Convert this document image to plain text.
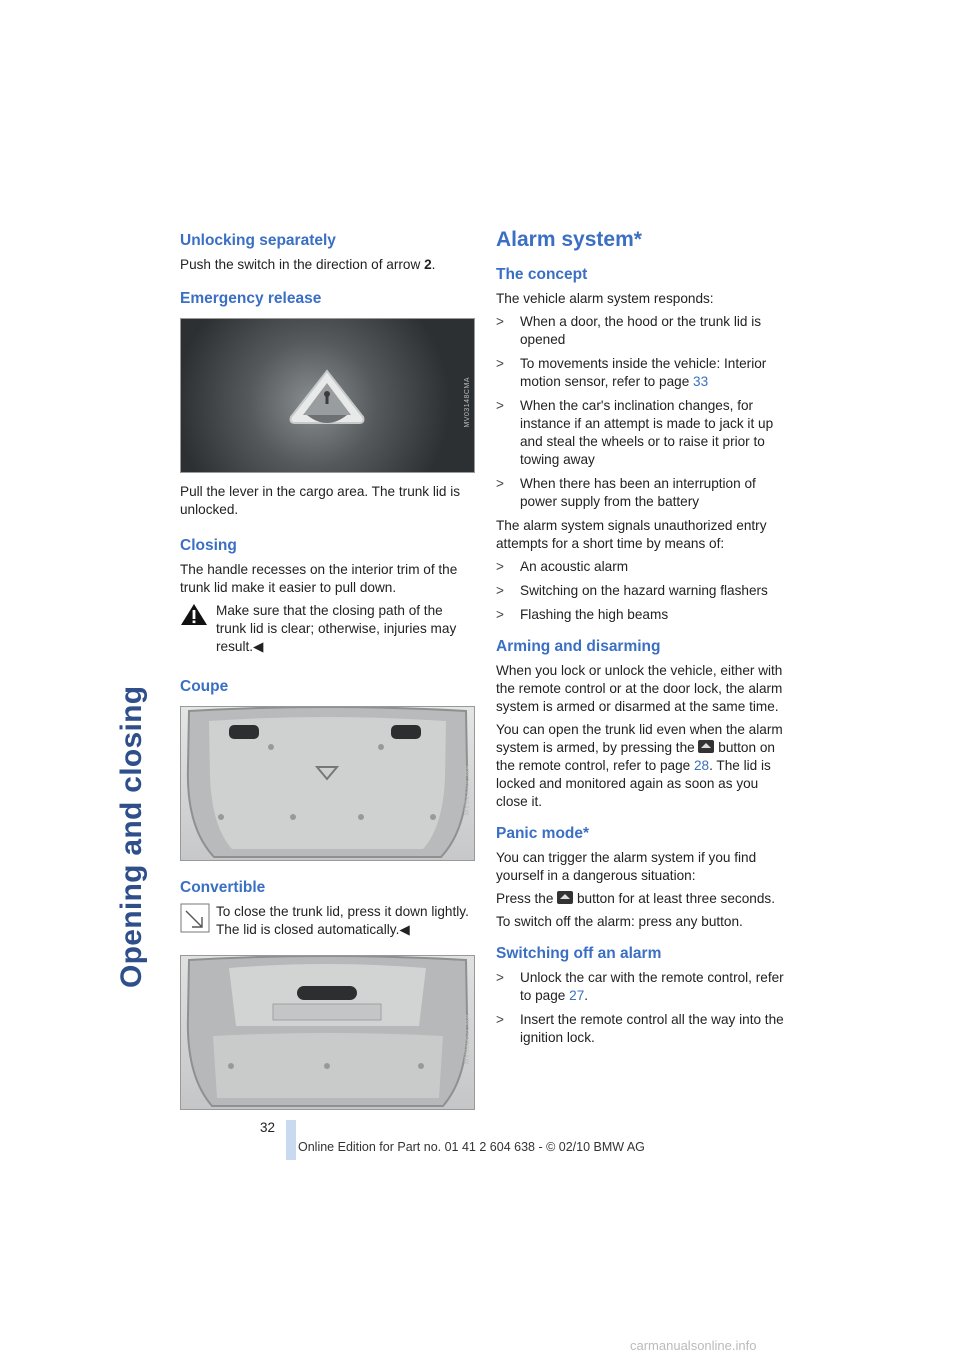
Opening and closing
Unlocking separately

Push the switch in the direction of arrow 2.

Emergency release
MV03148CMA

Pull the lever in the cargo area. The trunk lid is unlocked.

Closing

The handle recesses on the interior trim of the trunk lid make it easier to pull down.

Make sure that the closing path of the trunk lid is clear; otherwise, injuries may result.◀

Coupe
MV02770CMA
Convertible

To close the trunk lid, press it down lightly. The lid is closed automatically.◀

MV03062CMA
Alarm system*
The concept

The vehicle alarm system responds:

>	When a door, the hood or the trunk lid is opened
>	To movements inside the vehicle: Interior motion sensor, refer to page 33
>	When the car's inclination changes, for instance if an attempt is made to jack it up and steal the wheels or to raise it prior to towing away
>	When there has been an interruption of power supply from the battery

The alarm system signals unauthorized entry attempts for a short time by means of:

>	An acoustic alarm
>	Switching on the hazard warning flashers
>	Flashing the high beams
Arming and disarming

When you lock or unlock the vehicle, either with the remote control or at the door lock, the alarm system is armed or disarmed at the same time.

You can open the trunk lid even when the alarm system is armed, by pressing the  button on the remote control, refer to page 28. The lid is locked and monitored again as soon as you close it.

Panic mode*

You can trigger the alarm system if you find yourself in a dangerous situation:

Press the  button for at least three seconds.

To switch off the alarm: press any button.

Switching off an alarm
>	Unlock the car with the remote control, refer to page 27.
>	Insert the remote control all the way into the ignition lock.
32
Online Edition for Part no. 01 41 2 604 638 - © 02/10 BMW AG
carmanualsonline.info
